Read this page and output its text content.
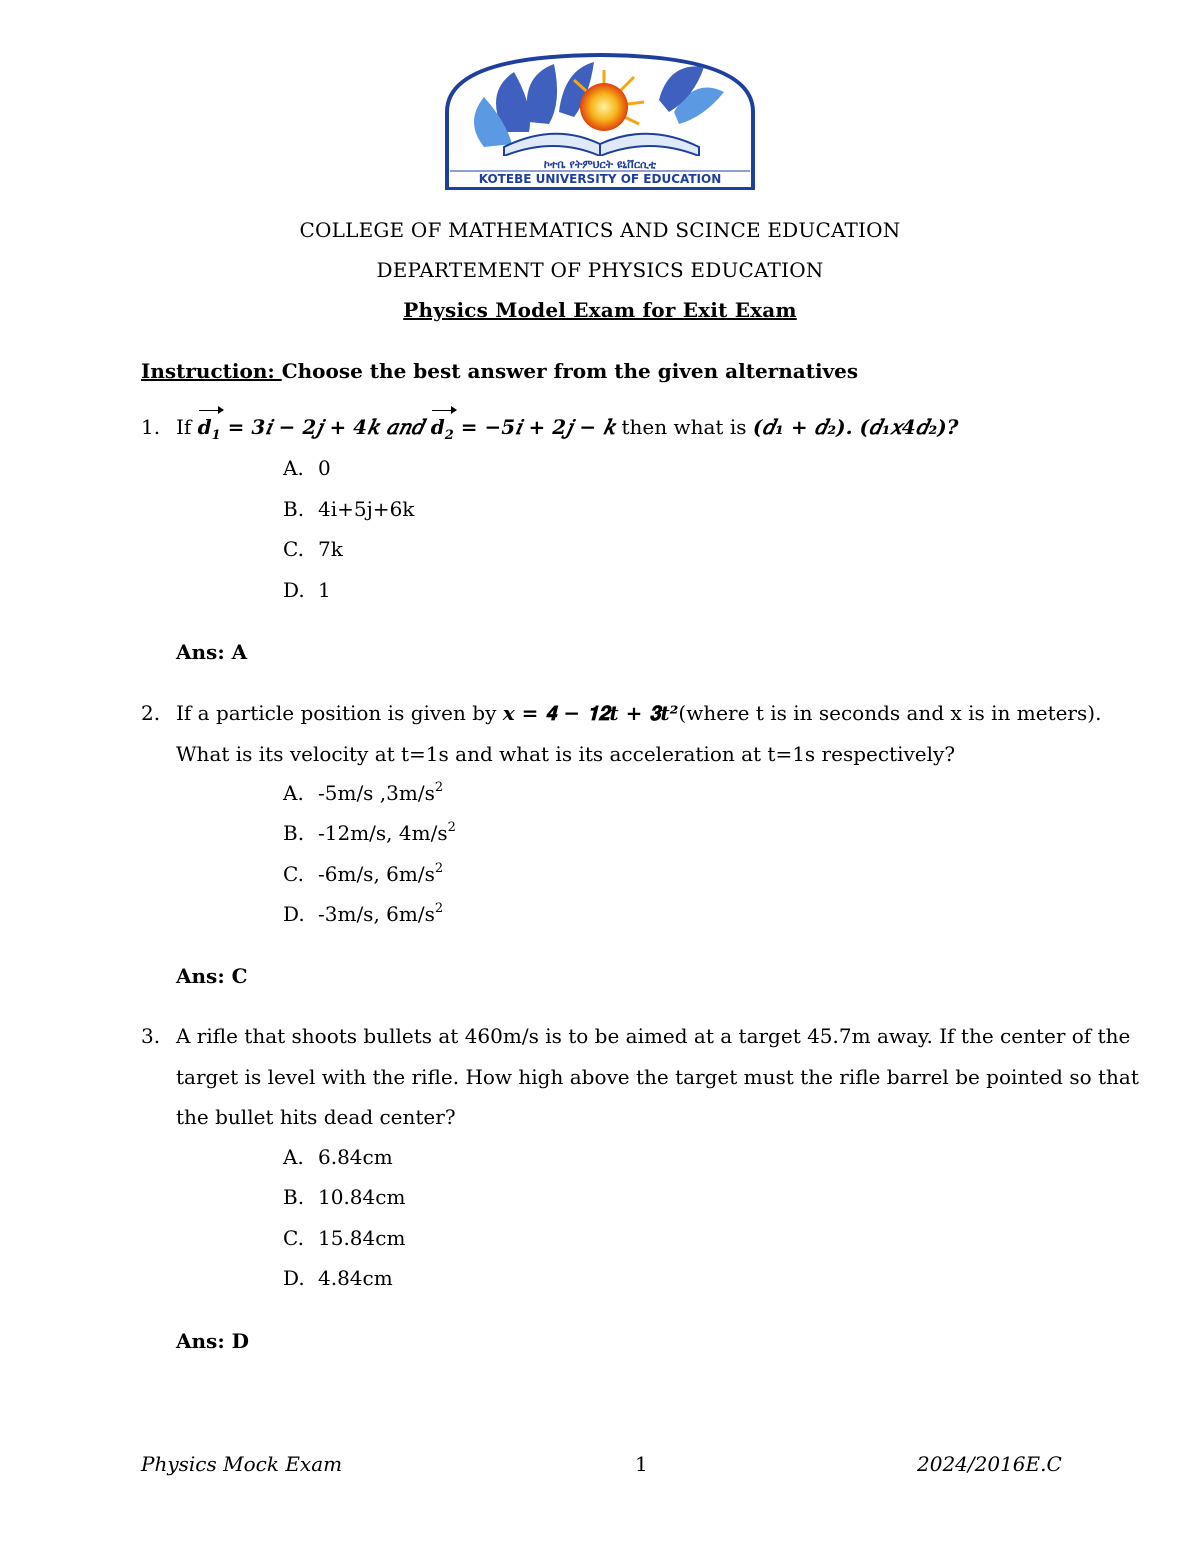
ኮተቤ የትምህርት ዩኒቨርሲቲ
KOTEBE UNIVERSITY OF EDUCATION
COLLEGE OF MATHEMATICS AND SCINCE EDUCATION
DEPARTEMENT OF PHYSICS EDUCATION
Physics Model Exam for Exit Exam
Instruction: Choose the best answer from the given alternatives
1. If $d_1$ = 3𝑖 − 2𝑗 + 4𝑘 𝑎𝑛𝑑 $d_2$ = −5𝑖 + 2𝑗 − 𝑘 then what is (𝑑₁ + 𝑑₂). (𝑑₁𝑥4𝑑₂)?
A. 0
B. 4i+5j+6k
C. 7k
D. 1
Ans: A
2. If a particle position is given by 𝒙 = 𝟒 − 𝟏𝟐𝒕 + 𝟑𝒕²(where t is in seconds and x is in meters).
What is its velocity at t=1s and what is its acceleration at t=1s respectively?
A. -5m/s $,3m/s^2$
B. -12m/s, $4m/s^2$
C. -6m/s, $6m/s^2$
D. -3m/s, $6m/s^2$
Ans: C
3. A rifle that shoots bullets at 460m/s is to be aimed at a target 45.7m away. If the center of the
target is level with the rifle. How high above the target must the rifle barrel be pointed so that
the bullet hits dead center?
A. 6.84cm
B. 10.84cm
C. 15.84cm
D. 4.84cm
Ans: D
Physics Mock Exam	1	2024/2016E.C
